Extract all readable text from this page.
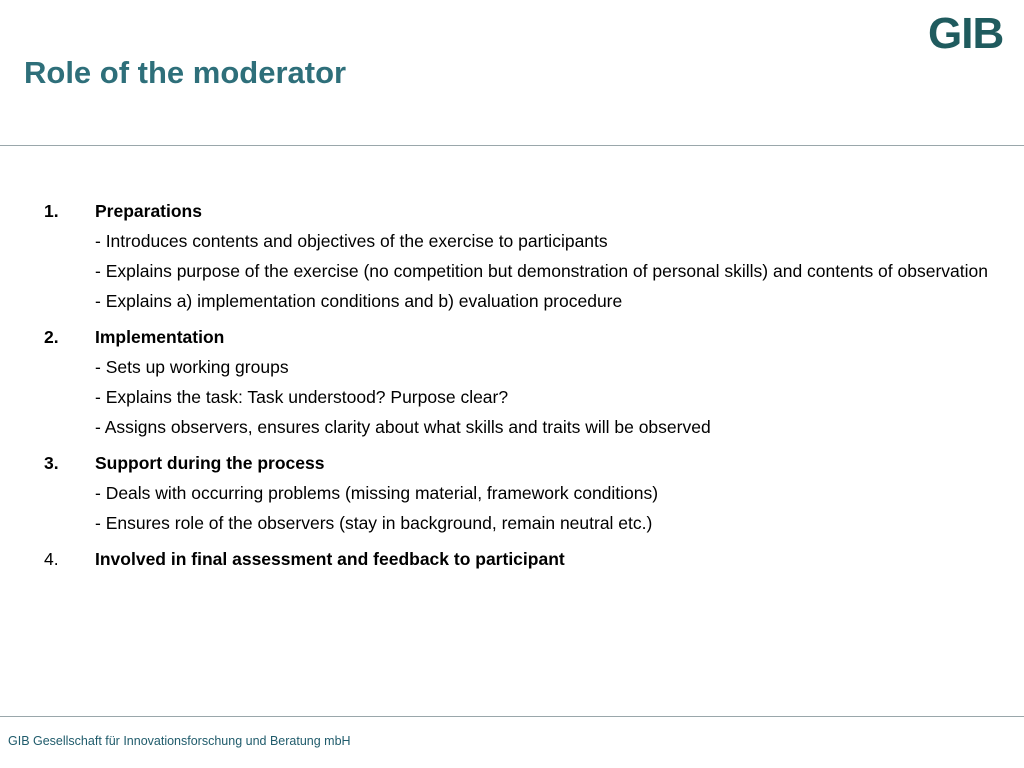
Role of the moderator
GIB
1.	Preparations
- Introduces contents and objectives of the exercise to participants
- Explains purpose of the exercise (no competition but demonstration of personal skills) and contents of observation
- Explains a) implementation conditions and b) evaluation procedure
2.	Implementation
- Sets up working groups
- Explains the task: Task understood? Purpose clear?
- Assigns observers, ensures clarity about what skills and traits will be observed
3.	Support during the process
- Deals with occurring problems (missing material, framework conditions)
- Ensures role of the observers (stay in background, remain neutral etc.)
4.	Involved in final assessment and feedback to participant
GIB Gesellschaft für Innovationsforschung und Beratung mbH
